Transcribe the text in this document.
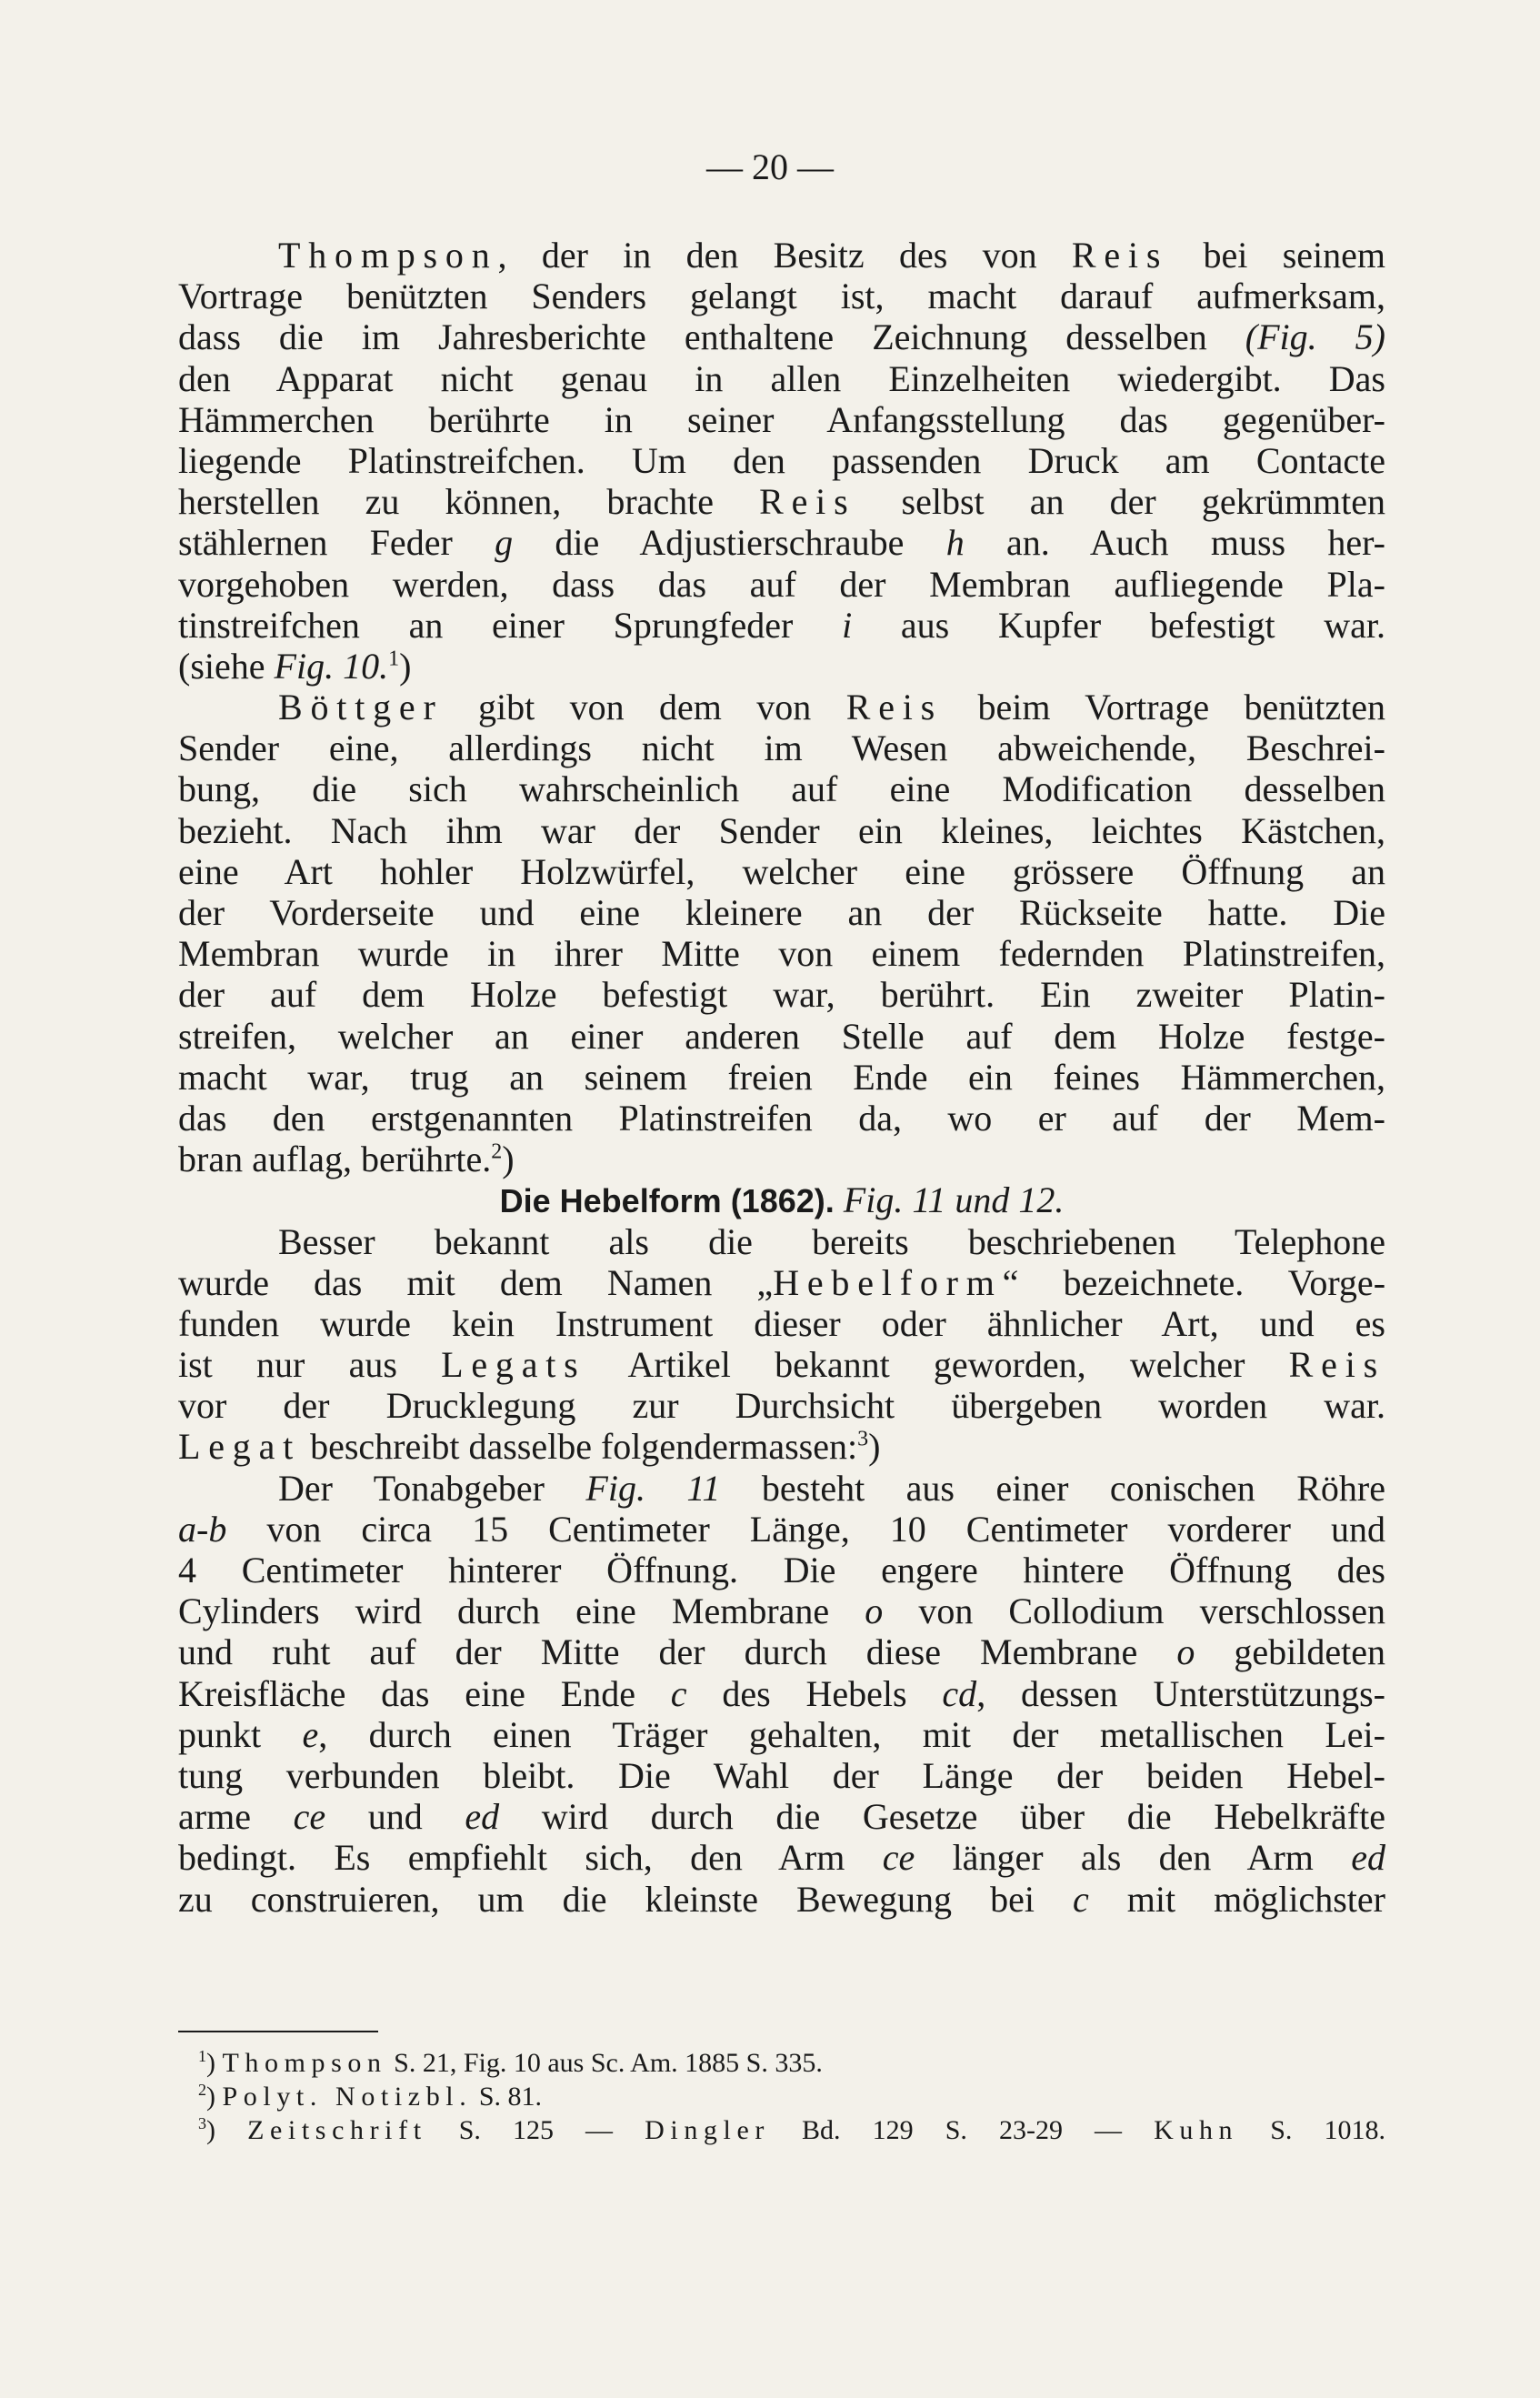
— 20 —
Thompson, der in den Besitz des von Reis bei seinem
Vortrage benützten Senders gelangt ist, macht darauf aufmerksam,
dass die im Jahresberichte enthaltene Zeichnung desselben (Fig. 5)
den Apparat nicht genau in allen Einzelheiten wiedergibt. Das
Hämmerchen berührte in seiner Anfangsstellung das gegenüber-
liegende Platinstreifchen. Um den passenden Druck am Contacte
herstellen zu können, brachte Reis selbst an der gekrümmten
stählernen Feder g die Adjustierschraube h an. Auch muss her-
vorgehoben werden, dass das auf der Membran aufliegende Pla-
tinstreifchen an einer Sprungfeder i aus Kupfer befestigt war.
(siehe Fig. 10.$^1$)
Böttger gibt von dem von Reis beim Vortrage benützten
Sender eine, allerdings nicht im Wesen abweichende, Beschrei-
bung, die sich wahrscheinlich auf eine Modification desselben
bezieht. Nach ihm war der Sender ein kleines, leichtes Kästchen,
eine Art hohler Holzwürfel, welcher eine grössere Öffnung an
der Vorderseite und eine kleinere an der Rückseite hatte. Die
Membran wurde in ihrer Mitte von einem federnden Platinstreifen,
der auf dem Holze befestigt war, berührt. Ein zweiter Platin-
streifen, welcher an einer anderen Stelle auf dem Holze festge-
macht war, trug an seinem freien Ende ein feines Hämmerchen,
das den erstgenannten Platinstreifen da, wo er auf der Mem-
bran auflag, berührte.$^2$)
Die Hebelform (1862). Fig. 11 und 12.
Besser bekannt als die bereits beschriebenen Telephone
wurde das mit dem Namen „Hebelform“ bezeichnete. Vorge-
funden wurde kein Instrument dieser oder ähnlicher Art, und es
ist nur aus Legats Artikel bekannt geworden, welcher Reis
vor der Drucklegung zur Durchsicht übergeben worden war.
Legat beschreibt dasselbe folgendermassen:$^3$)
Der Tonabgeber Fig. 11 besteht aus einer conischen Röhre
a-b von circa 15 Centimeter Länge, 10 Centimeter vorderer und
4 Centimeter hinterer Öffnung. Die engere hintere Öffnung des
Cylinders wird durch eine Membrane o von Collodium verschlossen
und ruht auf der Mitte der durch diese Membrane o gebildeten
Kreisfläche das eine Ende c des Hebels cd, dessen Unterstützungs-
punkt e, durch einen Träger gehalten, mit der metallischen Lei-
tung verbunden bleibt. Die Wahl der Länge der beiden Hebel-
arme ce und ed wird durch die Gesetze über die Hebelkräfte
bedingt. Es empfiehlt sich, den Arm ce länger als den Arm ed
zu construieren, um die kleinste Bewegung bei c mit möglichster
$^1$) Thompson S. 21, Fig. 10 aus Sc. Am. 1885 S. 335.
$^2$) Polyt. Notizbl. S. 81.
$^3$) Zeitschrift S. 125 — Dingler Bd. 129 S. 23-29 — Kuhn S. 1018.
